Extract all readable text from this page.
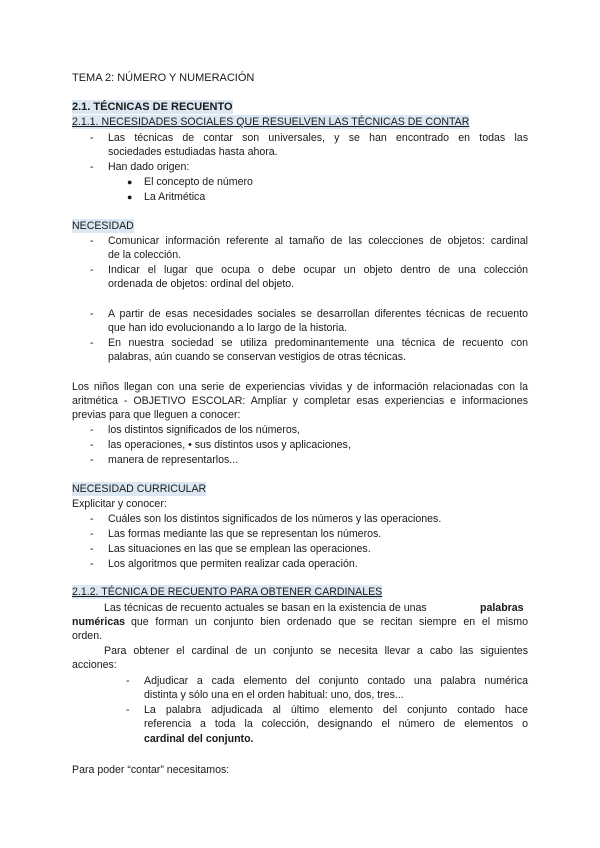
TEMA 2: NÚMERO Y NUMERACIÓN
2.1. TÉCNICAS DE RECUENTO
2.1.1. NECESIDADES SOCIALES QUE RESUELVEN LAS TÉCNICAS DE CONTAR
- Las técnicas de contar son universales, y se han encontrado en todas las
sociedades estudiadas hasta ahora.
- Han dado origen:
● El concepto de número
● La Aritmética
NECESIDAD
- Comunicar información referente al tamaño de las colecciones de objetos: cardinal
de la colección.
- Indicar el lugar que ocupa o debe ocupar un objeto dentro de una colección
ordenada de objetos: ordinal del objeto.
- A partir de esas necesidades sociales se desarrollan diferentes técnicas de recuento
que han ido evolucionando a lo largo de la historia.
- En nuestra sociedad se utiliza predominantemente una técnica de recuento con
palabras, aún cuando se conservan vestigios de otras técnicas.
Los niños llegan con una serie de experiencias vividas y de información relacionadas con la
aritmética - OBJETIVO ESCOLAR: Ampliar y completar esas experiencias e informaciones
previas para que lleguen a conocer:
- los distintos significados de los números,
- las operaciones, • sus distintos usos y aplicaciones,
- manera de representarlos...
NECESIDAD CURRICULAR
Explicitar y conocer:
- Cuáles son los distintos significados de los números y las operaciones.
- Las formas mediante las que se representan los números.
- Las situaciones en las que se emplean las operaciones.
- Los algoritmos que permiten realizar cada operación.
2.1.2. TÉCNICA DE RECUENTO PARA OBTENER CARDINALES
Las técnicas de recuento actuales se basan en la existencia de unas	palabras
numéricas que forman un conjunto bien ordenado que se recitan siempre en el mismo
orden.
Para obtener el cardinal de un conjunto se necesita llevar a cabo las siguientes
acciones:
- Adjudicar a cada elemento del conjunto contado una palabra numérica
distinta y sólo una en el orden habitual: uno, dos, tres...
- La palabra adjudicada al último elemento del conjunto contado hace
referencia a toda la colección, designando el número de elementos o
cardinal del conjunto.
Para poder “contar” necesitamos:
